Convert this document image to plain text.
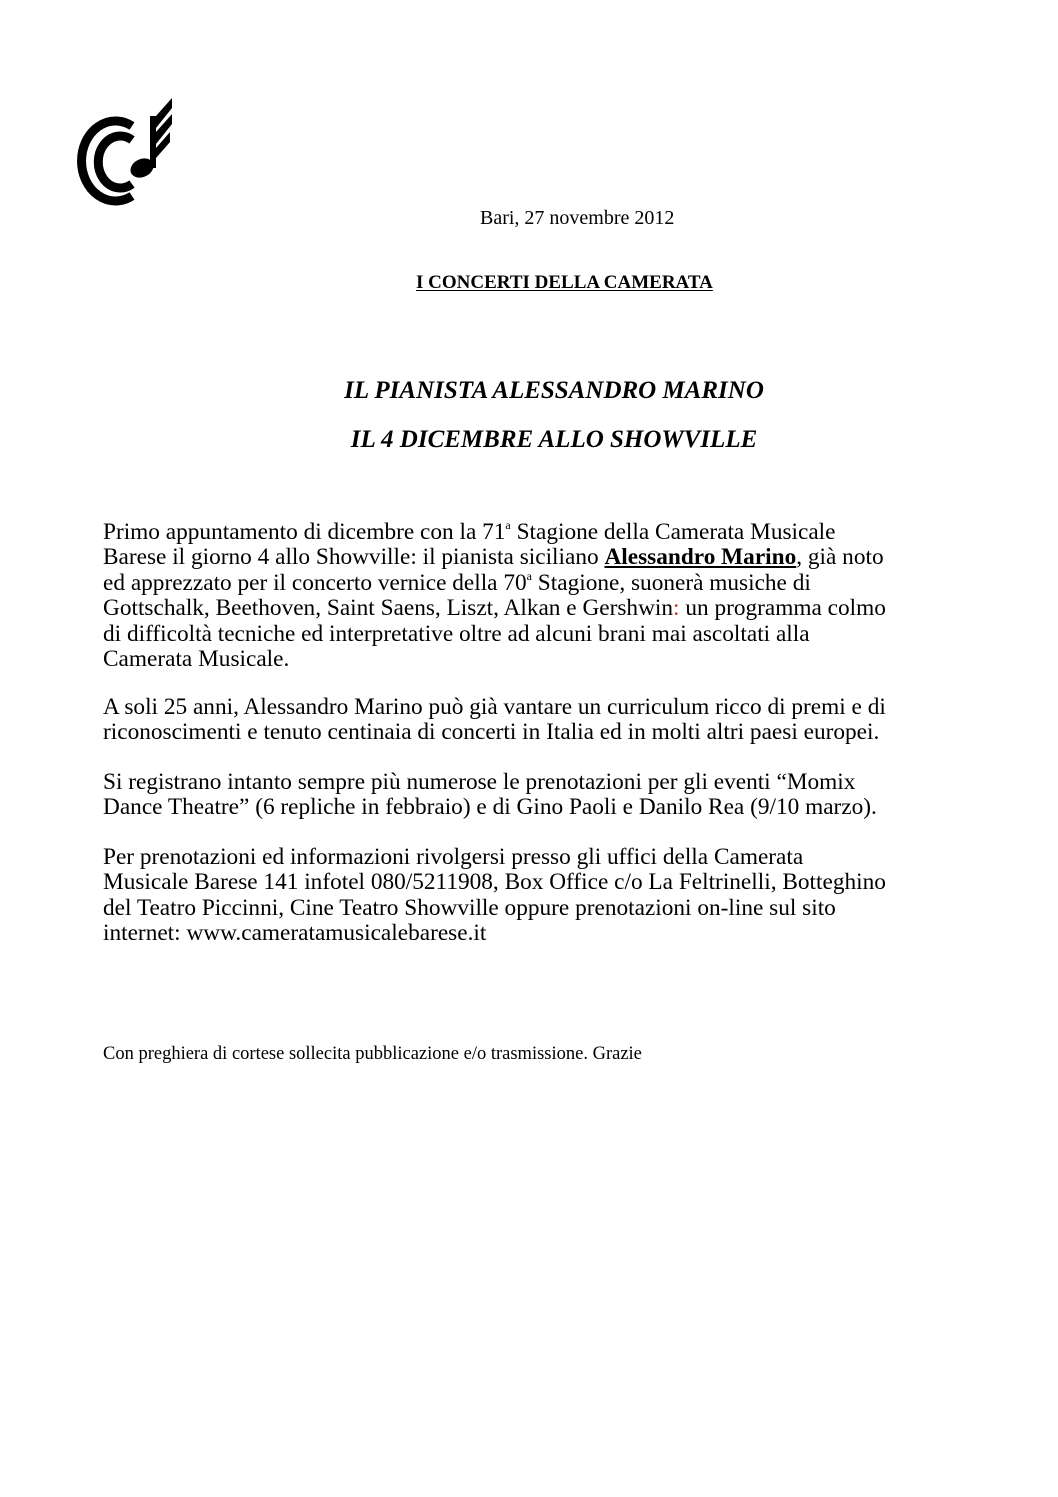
Bari, 27 novembre 2012
I CONCERTI DELLA CAMERATA
IL PIANISTA ALESSANDRO MARINO
IL 4 DICEMBRE ALLO SHOWVILLE
Primo appuntamento di dicembre con la 71$^a$ Stagione della Camerata Musicale
Barese il giorno 4 allo Showville: il pianista siciliano Alessandro Marino, già noto
ed apprezzato per il concerto vernice della 70$^a$ Stagione, suonerà musiche di
Gottschalk, Beethoven, Saint Saens, Liszt, Alkan e Gershwin: un programma colmo
di difficoltà tecniche ed interpretative oltre ad alcuni brani mai ascoltati alla
Camerata Musicale.
A soli 25 anni, Alessandro Marino può già vantare un curriculum ricco di premi e di
riconoscimenti e tenuto centinaia di concerti in Italia ed in molti altri paesi europei.
Si registrano intanto sempre più numerose le prenotazioni per gli eventi “Momix
Dance Theatre” (6 repliche in febbraio) e di Gino Paoli e Danilo Rea (9/10 marzo).
Per prenotazioni ed informazioni rivolgersi presso gli uffici della Camerata
Musicale Barese 141 infotel 080/5211908, Box Office c/o La Feltrinelli, Botteghino
del Teatro Piccinni, Cine Teatro Showville oppure prenotazioni on-line sul sito
internet: www.cameratamusicalebarese.it
Con preghiera di cortese sollecita pubblicazione e/o trasmissione. Grazie
